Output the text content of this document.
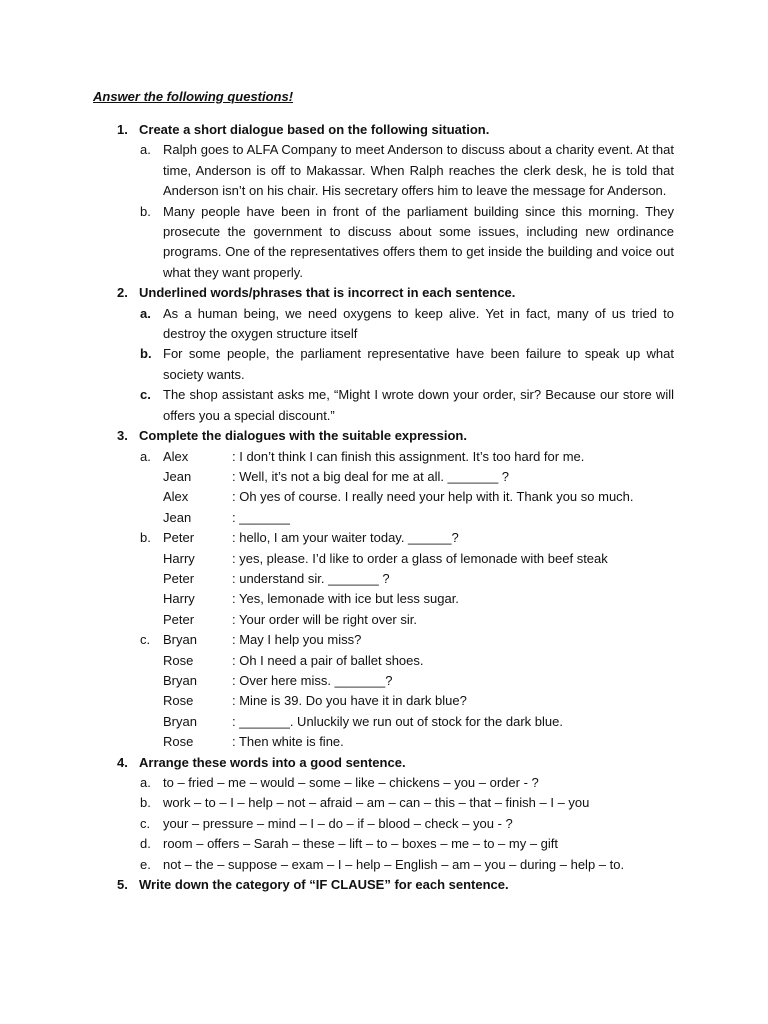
Answer the following questions!
1. Create a short dialogue based on the following situation.
a. Ralph goes to ALFA Company to meet Anderson to discuss about a charity event. At that time, Anderson is off to Makassar. When Ralph reaches the clerk desk, he is told that Anderson isn’t on his chair. His secretary offers him to leave the message for Anderson.
b. Many people have been in front of the parliament building since this morning. They prosecute the government to discuss about some issues, including new ordinance programs. One of the representatives offers them to get inside the building and voice out what they want properly.
2. Underlined words/phrases that is incorrect in each sentence.
a. As a human being, we need oxygens to keep alive. Yet in fact, many of us tried to destroy the oxygen structure itself
b. For some people, the parliament representative have been failure to speak up what society wants.
c. The shop assistant asks me, “Might I wrote down your order, sir? Because our store will offers you a special discount.”
3. Complete the dialogues with the suitable expression.
a. Alex	: I don’t think I can finish this assignment. It’s too hard for me.
Jean	: Well, it’s not a big deal for me at all. _______ ?
Alex	: Oh yes of course. I really need your help with it. Thank you so much.
Jean	: _______
b. Peter	: hello, I am your waiter today. ______?
Harry	: yes, please. I’d like to order a glass of lemonade with beef steak
Peter	: understand sir. _______ ?
Harry	: Yes, lemonade with ice but less sugar.
Peter	: Your order will be right over sir.
c. Bryan	: May I help you miss?
Rose	: Oh I need a pair of ballet shoes.
Bryan	: Over here miss. _______?
Rose	: Mine is 39. Do you have it in dark blue?
Bryan	: _______. Unluckily we run out of stock for the dark blue.
Rose	: Then white is fine.
4. Arrange these words into a good sentence.
a. to – fried – me – would – some – like – chickens – you – order - ?
b. work – to – I – help – not – afraid – am – can – this – that – finish – I – you
c. your – pressure – mind – I – do – if – blood – check – you - ?
d. room – offers – Sarah – these – lift – to – boxes – me – to – my – gift
e. not – the – suppose – exam – I – help – English – am – you – during – help – to.
5. Write down the category of “IF CLAUSE” for each sentence.
